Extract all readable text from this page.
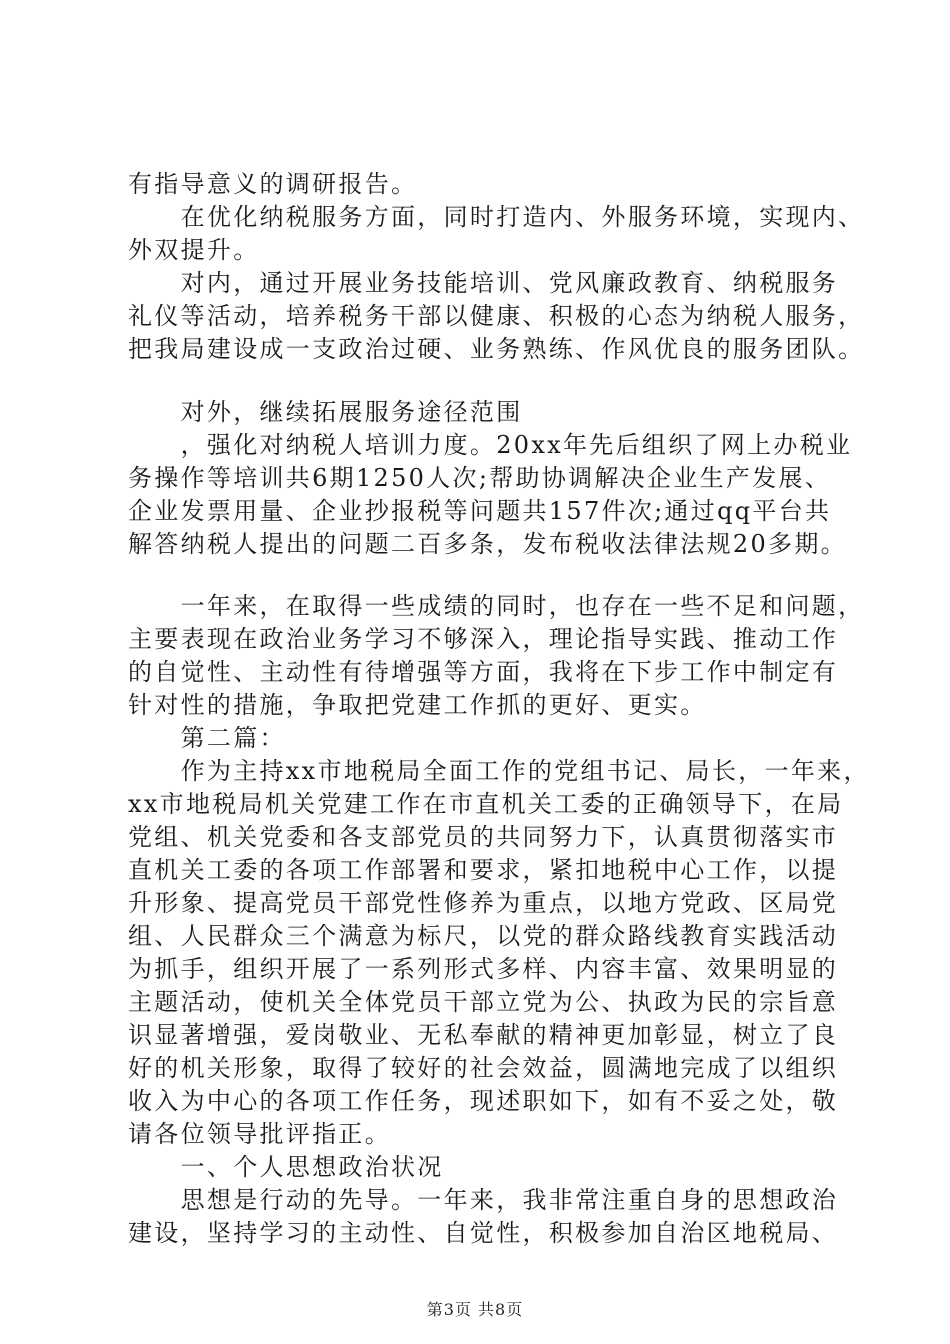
有指导意义的调研报告。
　　在优化纳税服务方面，同时打造内、外服务环境，实现内、
外双提升。
　　对内，通过开展业务技能培训、党风廉政教育、纳税服务
礼仪等活动，培养税务干部以健康、积极的心态为纳税人服务，
把我局建设成一支政治过硬、业务熟练、作风优良的服务团队。
　　对外，继续拓展服务途径范围
　　，强化对纳税人培训力度。20xx年先后组织了网上办税业
务操作等培训共6期1250人次;帮助协调解决企业生产发展、
企业发票用量、企业抄报税等问题共157件次;通过qq平台共
解答纳税人提出的问题二百多条，发布税收法律法规20多期。
　　一年来，在取得一些成绩的同时，也存在一些不足和问题，
主要表现在政治业务学习不够深入，理论指导实践、推动工作
的自觉性、主动性有待增强等方面，我将在下步工作中制定有
针对性的措施，争取把党建工作抓的更好、更实。
　　第二篇：
　　作为主持xx市地税局全面工作的党组书记、局长，一年来，
xx市地税局机关党建工作在市直机关工委的正确领导下，在局
党组、机关党委和各支部党员的共同努力下，认真贯彻落实市
直机关工委的各项工作部署和要求，紧扣地税中心工作，以提
升形象、提高党员干部党性修养为重点，以地方党政、区局党
组、人民群众三个满意为标尺，以党的群众路线教育实践活动
为抓手，组织开展了一系列形式多样、内容丰富、效果明显的
主题活动，使机关全体党员干部立党为公、执政为民的宗旨意
识显著增强，爱岗敬业、无私奉献的精神更加彰显，树立了良
好的机关形象，取得了较好的社会效益，圆满地完成了以组织
收入为中心的各项工作任务，现述职如下，如有不妥之处，敬
请各位领导批评指正。
　　一、个人思想政治状况
　　思想是行动的先导。一年来，我非常注重自身的思想政治
建设，坚持学习的主动性、自觉性，积极参加自治区地税局、
第3页 共8页
